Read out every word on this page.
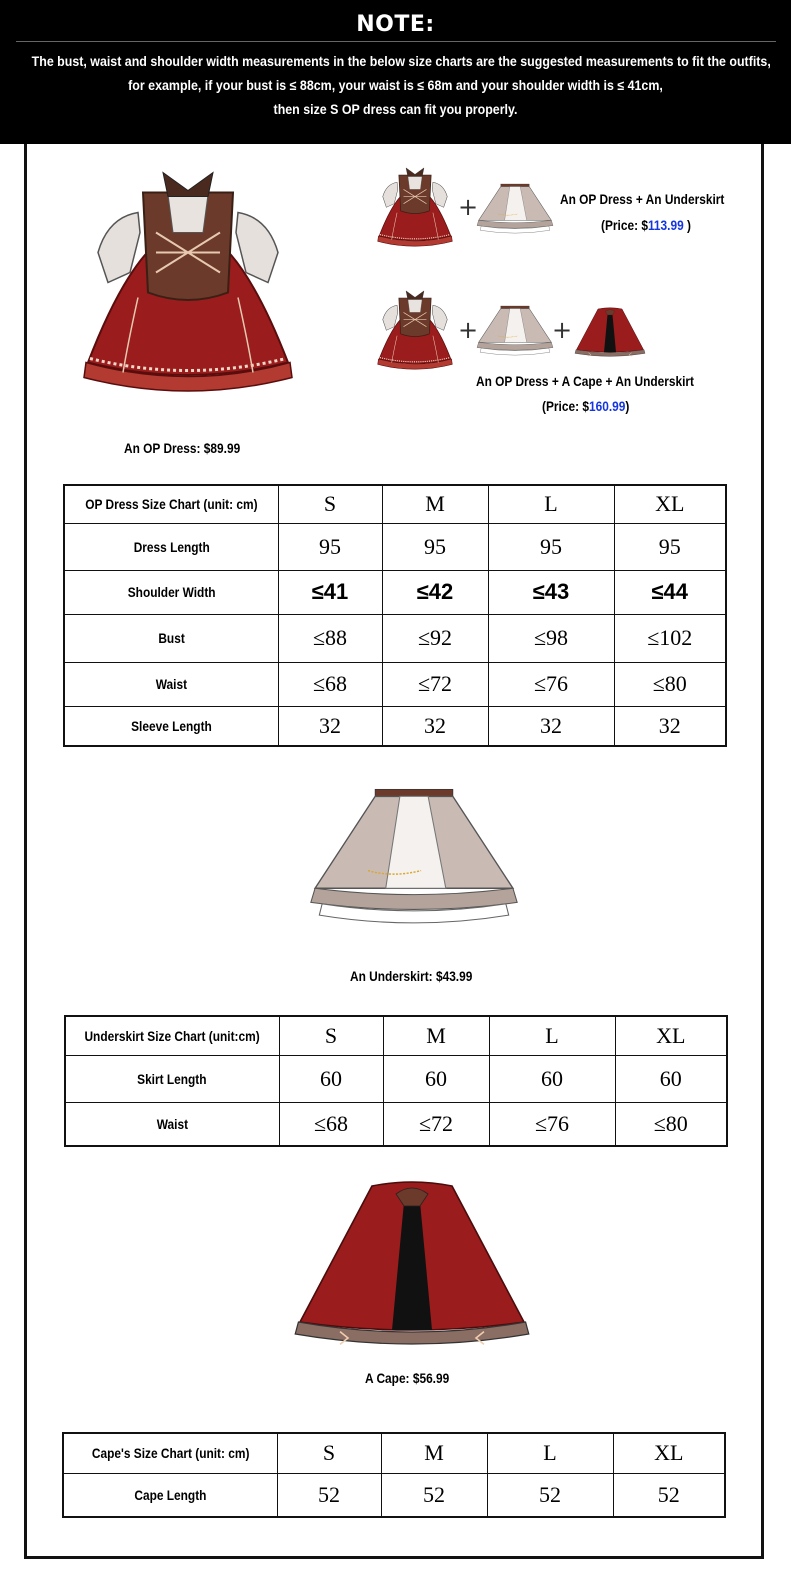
NOTE:
The bust, waist and shoulder width measurements in the below size charts are the suggested measurements to fit the outfits,
for example, if your bust is ≤ 88cm, your waist is ≤ 68m and your shoulder width is ≤ 41cm,
then size S OP dress can fit you properly.
An OP Dress: $89.99
+	An OP Dress + An Underskirt
(Price: $113.99 )
+	+
An OP Dress + A Cape + An Underskirt
(Price: $160.99)
OP Dress Size Chart (unit: cm)	S	M	L	XL
Dress Length	95	95	95	95
Shoulder Width	≤41	≤42	≤43	≤44
Bust	≤88	≤92	≤98	≤102
Waist	≤68	≤72	≤76	≤80
Sleeve Length	32	32	32	32
An Underskirt: $43.99
Underskirt Size Chart (unit:cm)	S	M	L	XL
Skirt Length	60	60	60	60
Waist	≤68	≤72	≤76	≤80
A Cape: $56.99
Cape's Size Chart (unit: cm)	S	M	L	XL
Cape Length	52	52	52	52
